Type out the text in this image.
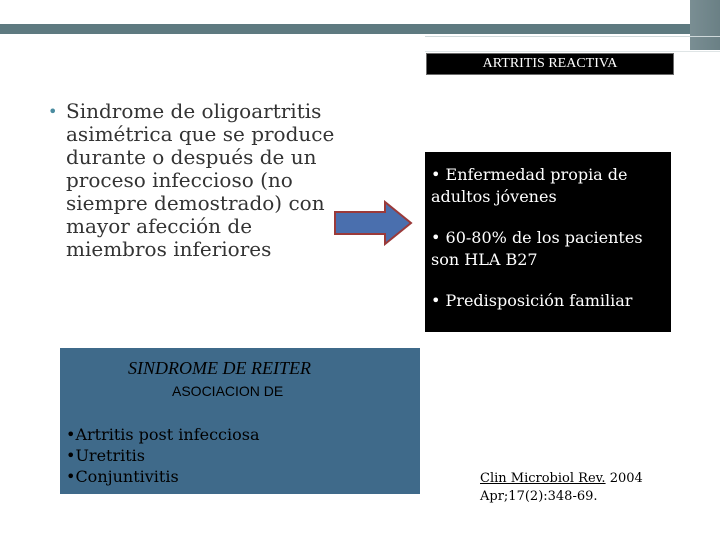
ARTRITIS REACTIVA
• Sindrome de oligoartritis asimétrica que se produce durante o después de un proceso infeccioso (no siempre demostrado) con mayor afección de miembros inferiores
• Enfermedad propia de adultos jóvenes
• 60-80% de los pacientes son HLA B27
• Predisposición familiar
SINDROME DE REITER
ASOCIACION DE
•Artritis post infecciosa
•Uretritis
•Conjuntivitis	Clin Microbiol Rev. 2004
Apr;17(2):348-69.
